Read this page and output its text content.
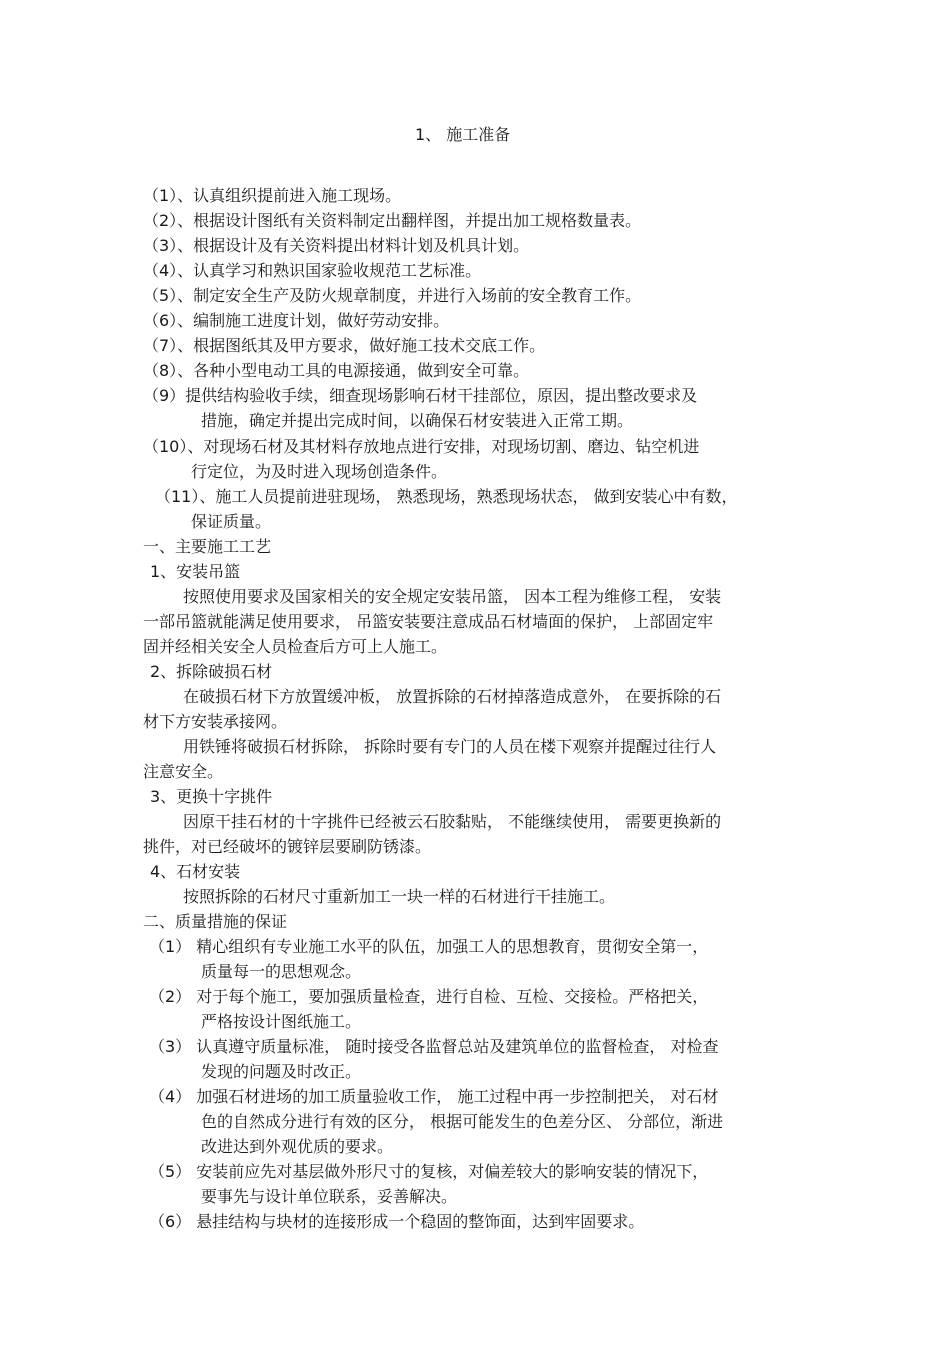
1、 施工准备
（1）、认真组织提前进入施工现场。
（2）、根据设计图纸有关资料制定出翻样图，并提出加工规格数量表。
（3）、根据设计及有关资料提出材料计划及机具计划。
（4）、认真学习和熟识国家验收规范工艺标准。
（5）、制定安全生产及防火规章制度，并进行入场前的安全教育工作。
（6）、编制施工进度计划，做好劳动安排。
（7）、根据图纸其及甲方要求，做好施工技术交底工作。
（8）、各种小型电动工具的电源接通，做到安全可靠。
（9）提供结构验收手续，细查现场影响石材干挂部位，原因，提出整改要求及
措施，确定并提出完成时间，以确保石材安装进入正常工期。
（10）、对现场石材及其材料存放地点进行安排，对现场切割、磨边、钻空机进
行定位，为及时进入现场创造条件。
（11）、施工人员提前进驻现场， 熟悉现场，熟悉现场状态， 做到安装心中有数，
保证质量。
一、主要施工工艺
1、安装吊篮
按照使用要求及国家相关的安全规定安装吊篮， 因本工程为维修工程， 安装
一部吊篮就能满足使用要求， 吊篮安装要注意成品石材墙面的保护， 上部固定牢
固并经相关安全人员检查后方可上人施工。
2、拆除破损石材
在破损石材下方放置缓冲板， 放置拆除的石材掉落造成意外， 在要拆除的石
材下方安装承接网。
用铁锤将破损石材拆除， 拆除时要有专门的人员在楼下观察并提醒过往行人
注意安全。
3、更换十字挑件
因原干挂石材的十字挑件已经被云石胶黏贴， 不能继续使用， 需要更换新的
挑件，对已经破坏的镀锌层要刷防锈漆。
4、石材安装
按照拆除的石材尺寸重新加工一块一样的石材进行干挂施工。
二、质量措施的保证
（1） 精心组织有专业施工水平的队伍，加强工人的思想教育，贯彻安全第一，
质量每一的思想观念。
（2） 对于每个施工，要加强质量检查，进行自检、互检、交接检。严格把关，
严格按设计图纸施工。
（3） 认真遵守质量标准， 随时接受各监督总站及建筑单位的监督检查， 对检查
发现的问题及时改正。
（4） 加强石材进场的加工质量验收工作， 施工过程中再一步控制把关， 对石材
色的自然成分进行有效的区分， 根据可能发生的色差分区、 分部位，渐进
改进达到外观优质的要求。
（5） 安装前应先对基层做外形尺寸的复核，对偏差较大的影响安装的情况下，
要事先与设计单位联系，妥善解决。
（6） 悬挂结构与块材的连接形成一个稳固的整饰面，达到牢固要求。
